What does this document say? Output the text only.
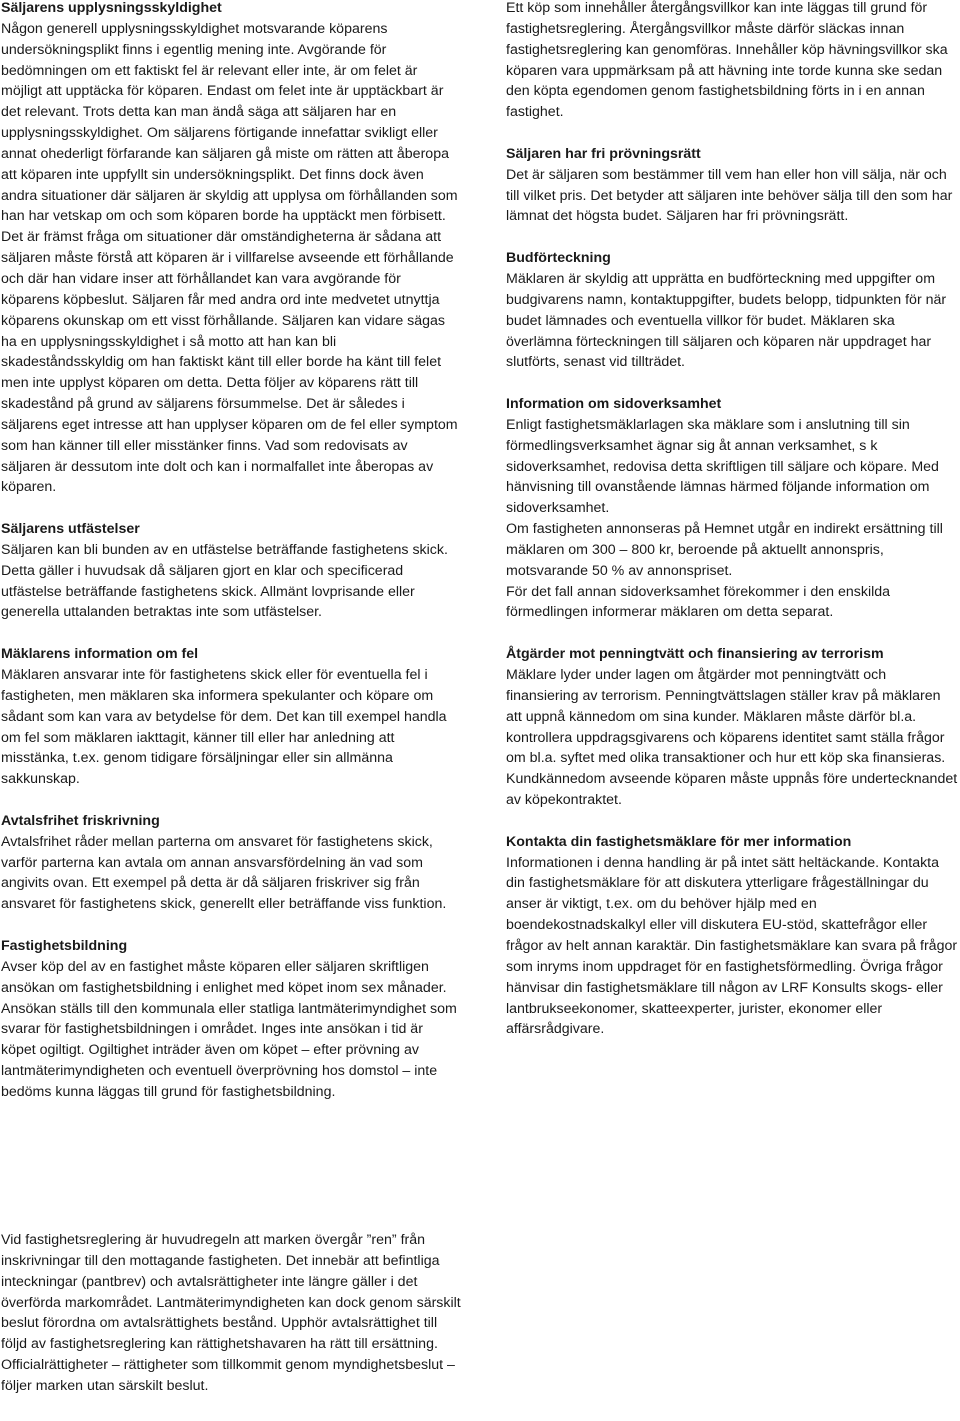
Säljarens upplysningsskyldighet

Någon generell upplysningsskyldighet motsvarande köparens undersökningsplikt finns i egentlig mening inte. Avgörande för bedömningen om ett faktiskt fel är relevant eller inte, är om felet är möjligt att upptäcka för köparen. Endast om felet inte är upptäckbart är det relevant. Trots detta kan man ändå säga att säljaren har en upplysningsskyldighet. Om säljarens förtigande innefattar svikligt eller annat ohederligt förfarande kan säljaren gå miste om rätten att åberopa att köparen inte uppfyllt sin undersökningsplikt. Det finns dock även andra situationer där säljaren är skyldig att upplysa om förhållanden som han har vetskap om och som köparen borde ha upptäckt men förbisett. Det är främst fråga om situationer där omständigheterna är sådana att säljaren måste förstå att köparen är i villfarelse avseende ett förhållande och där han vidare inser att förhållandet kan vara avgörande för köparens köpbeslut. Säljaren får med andra ord inte medvetet utnyttja köparens okunskap om ett visst förhållande. Säljaren kan vidare sägas ha en upplysningsskyldighet i så motto att han kan bli skadeståndsskyldig om han faktiskt känt till eller borde ha känt till felet men inte upplyst köparen om detta. Detta följer av köparens rätt till skadestånd på grund av säljarens försummelse. Det är således i säljarens eget intresse att han upplyser köparen om de fel eller symptom som han känner till eller misstänker finns. Vad som redovisats av säljaren är dessutom inte dolt och kan i normalfallet inte åberopas av köparen.

Säljarens utfästelser

Säljaren kan bli bunden av en utfästelse beträffande fastighetens skick. Detta gäller i huvudsak då säljaren gjort en klar och specificerad utfästelse beträffande fastighetens skick. Allmänt lovprisande eller generella uttalanden betraktas inte som utfästelser.

Mäklarens information om fel

Mäklaren ansvarar inte för fastighetens skick eller för eventuella fel i fastigheten, men mäklaren ska informera spekulanter och köpare om sådant som kan vara av betydelse för dem. Det kan till exempel handla om fel som mäklaren iakttagit, känner till eller har anledning att misstänka, t.ex. genom tidigare försäljningar eller sin allmänna sakkunskap.

Avtalsfrihet friskrivning

Avtalsfrihet råder mellan parterna om ansvaret för fastighetens skick, varför parterna kan avtala om annan ansvarsfördelning än vad som angivits ovan. Ett exempel på detta är då säljaren friskriver sig från ansvaret för fastighetens skick, generellt eller beträffande viss funktion.

Fastighetsbildning

Avser köp del av en fastighet måste köparen eller säljaren skriftligen ansökan om fastighetsbildning i enlighet med köpet inom sex månader. Ansökan ställs till den kommunala eller statliga lantmäterimyndighet som svarar för fastighetsbildningen i området. Inges inte ansökan i tid är köpet ogiltigt. Ogiltighet inträder även om köpet – efter prövning av lantmäterimyndigheten och eventuell överprövning hos domstol – inte bedöms kunna läggas till grund för fastighetsbildning.

Vid fastighetsreglering är huvudregeln att marken övergår ”ren” från inskrivningar till den mottagande fastigheten. Det innebär att befintliga inteckningar (pantbrev) och avtalsrättigheter inte längre gäller i det överförda markområdet. Lantmäterimyndigheten kan dock genom särskilt beslut förordna om avtalsrättighets bestånd. Upphör avtalsrättighet till följd av fastighetsreglering kan rättighetshavaren ha rätt till ersättning. Officialrättigheter – rättigheter som tillkommit genom myndighetsbeslut – följer marken utan särskilt beslut.

Ett köp som innehåller återgångsvillkor kan inte läggas till grund för fastighetsreglering. Återgångsvillkor måste därför släckas innan fastighetsreglering kan genomföras. Innehåller köp hävningsvillkor ska köparen vara uppmärksam på att hävning inte torde kunna ske sedan den köpta egendomen genom fastighetsbildning förts in i en annan fastighet.

Säljaren har fri prövningsrätt

Det är säljaren som bestämmer till vem han eller hon vill sälja, när och till vilket pris. Det betyder att säljaren inte behöver sälja till den som har lämnat det högsta budet. Säljaren har fri prövningsrätt.

Budförteckning

Mäklaren är skyldig att upprätta en budförteckning med uppgifter om budgivarens namn, kontaktuppgifter, budets belopp, tidpunkten för när budet lämnades och eventuella villkor för budet. Mäklaren ska överlämna förteckningen till säljaren och köparen när uppdraget har slutförts, senast vid tillträdet.

Information om sidoverksamhet

Enligt fastighetsmäklarlagen ska mäklare som i anslutning till sin förmedlingsverksamhet ägnar sig åt annan verksamhet, s k sidoverksamhet, redovisa detta skriftligen till säljare och köpare. Med hänvisning till ovanstående lämnas härmed följande information om sidoverksamhet.

Om fastigheten annonseras på Hemnet utgår en indirekt ersättning till mäklaren om 300 – 800 kr, beroende på aktuellt annonspris, motsvarande 50 % av annonspriset.

För det fall annan sidoverksamhet förekommer i den enskilda förmedlingen informerar mäklaren om detta separat.

Åtgärder mot penningtvätt och finansiering av terrorism

Mäklare lyder under lagen om åtgärder mot penningtvätt och finansiering av terrorism. Penningtvättslagen ställer krav på mäklaren att uppnå kännedom om sina kunder. Mäklaren måste därför bl.a. kontrollera uppdragsgivarens och köparens identitet samt ställa frågor om bl.a. syftet med olika transaktioner och hur ett köp ska finansieras. Kundkännedom avseende köparen måste uppnås före undertecknandet av köpekontraktet.

Kontakta din fastighetsmäklare för mer information

Informationen i denna handling är på intet sätt heltäckande. Kontakta din fastighetsmäklare för att diskutera ytterligare frågeställningar du anser är viktigt, t.ex. om du behöver hjälp med en boendekostnadskalkyl eller vill diskutera EU-stöd, skattefrågor eller frågor av helt annan karaktär. Din fastighetsmäklare kan svara på frågor som inryms inom uppdraget för en fastighetsförmedling. Övriga frågor hänvisar din fastighetsmäklare till någon av LRF Konsults skogs- eller lantbrukseekonomer, skatteexperter, jurister, ekonomer eller affärsrådgivare.
